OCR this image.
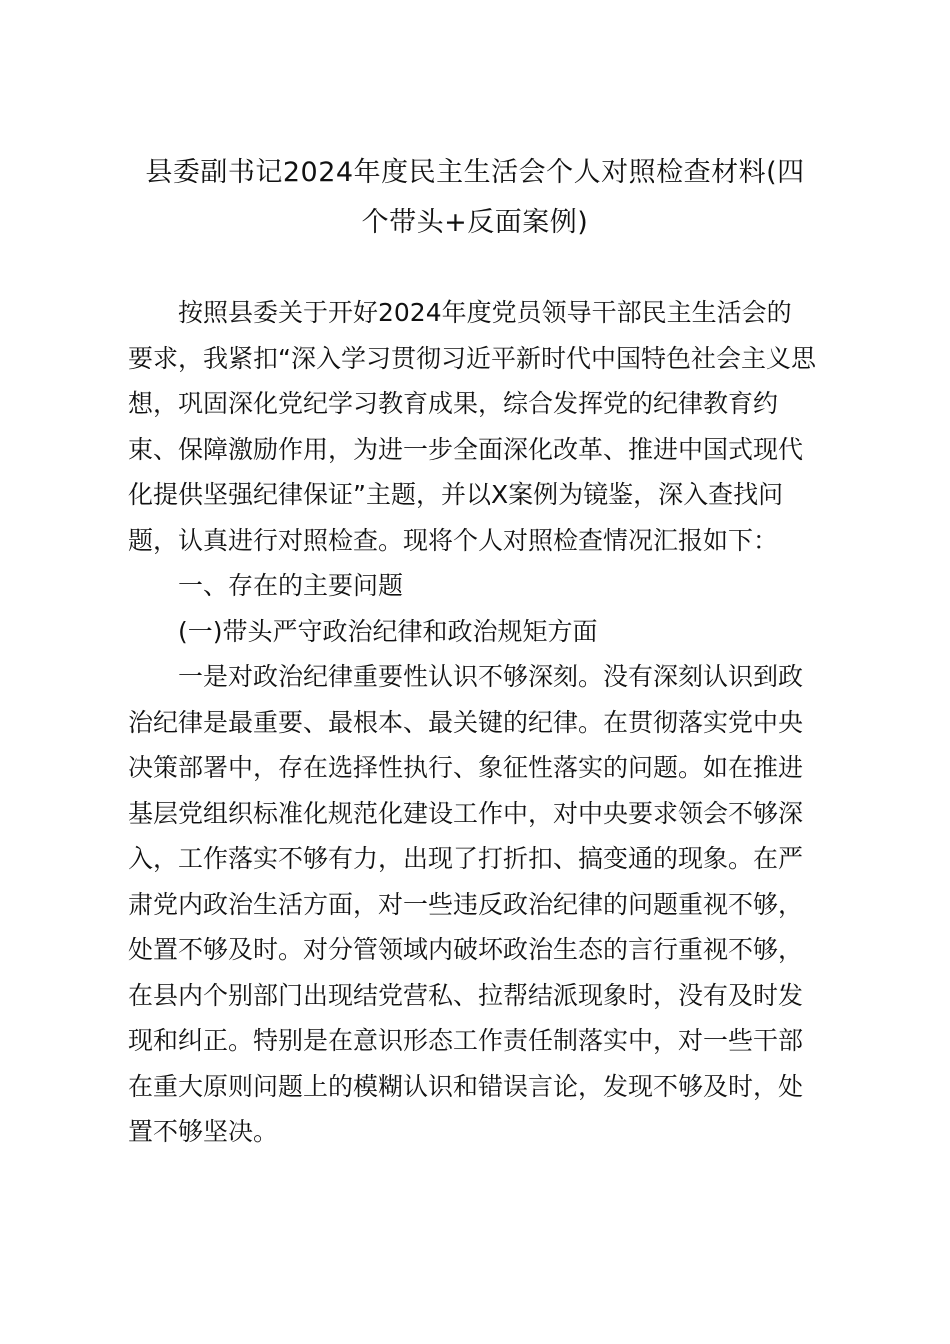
县委副书记2024年度民主生活会个人对照检查材料(四
个带头+反面案例)
按照县委关于开好2024年度党员领导干部民主生活会的
要求，我紧扣“深入学习贯彻习近平新时代中国特色社会主义思
想，巩固深化党纪学习教育成果，综合发挥党的纪律教育约
束、保障激励作用，为进一步全面深化改革、推进中国式现代
化提供坚强纪律保证”主题，并以X案例为镜鉴，深入查找问
题，认真进行对照检查。现将个人对照检查情况汇报如下：
一、存在的主要问题
(一)带头严守政治纪律和政治规矩方面
一是对政治纪律重要性认识不够深刻。没有深刻认识到政
治纪律是最重要、最根本、最关键的纪律。在贯彻落实党中央
决策部署中，存在选择性执行、象征性落实的问题。如在推进
基层党组织标准化规范化建设工作中，对中央要求领会不够深
入，工作落实不够有力，出现了打折扣、搞变通的现象。在严
肃党内政治生活方面，对一些违反政治纪律的问题重视不够，
处置不够及时。对分管领域内破坏政治生态的言行重视不够，
在县内个别部门出现结党营私、拉帮结派现象时，没有及时发
现和纠正。特别是在意识形态工作责任制落实中，对一些干部
在重大原则问题上的模糊认识和错误言论，发现不够及时，处
置不够坚决。
